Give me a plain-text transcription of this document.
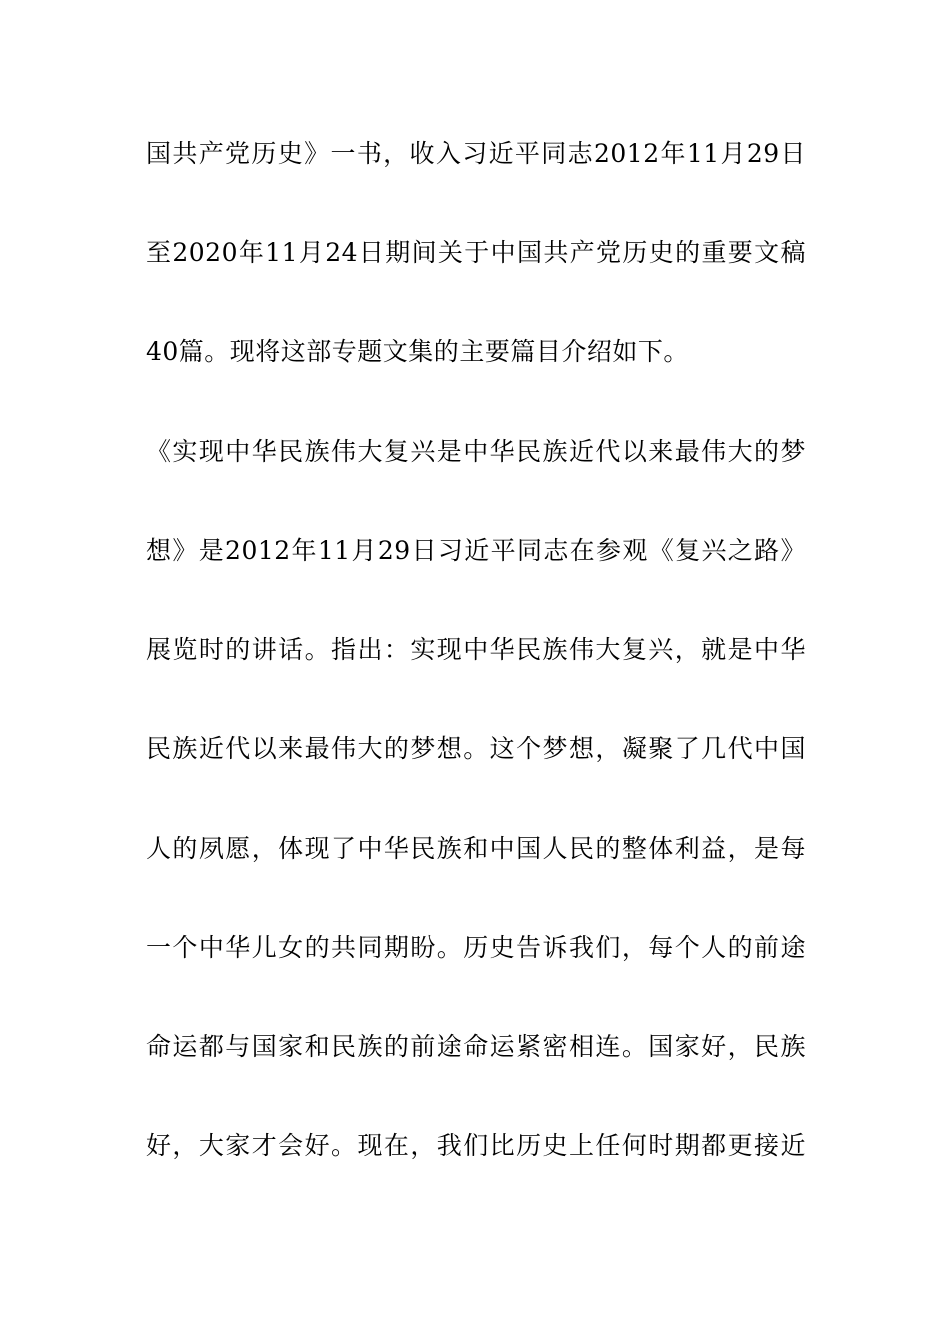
国共产党历史》一书，收入习近平同志2012年11月29日
至2020年11月24日期间关于中国共产党历史的重要文稿
40篇。现将这部专题文集的主要篇目介绍如下。
《实现中华民族伟大复兴是中华民族近代以来最伟大的梦
想》是2012年11月29日习近平同志在参观《复兴之路》
展览时的讲话。指出：实现中华民族伟大复兴，就是中华
民族近代以来最伟大的梦想。这个梦想，凝聚了几代中国
人的夙愿，体现了中华民族和中国人民的整体利益，是每
一个中华儿女的共同期盼。历史告诉我们，每个人的前途
命运都与国家和民族的前途命运紧密相连。国家好，民族
好，大家才会好。现在，我们比历史上任何时期都更接近
